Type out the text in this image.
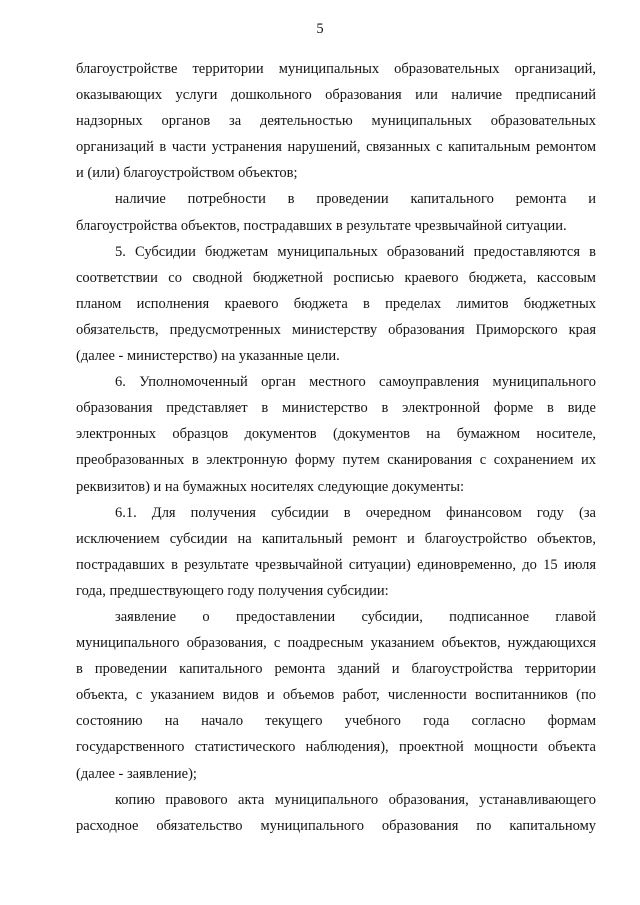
5
благоустройстве территории муниципальных образовательных организаций,
оказывающих услуги дошкольного образования или наличие предписаний
надзорных органов за деятельностью муниципальных образовательных
организаций в части устранения нарушений, связанных с капитальным ремонтом
и (или) благоустройством объектов;
наличие потребности в проведении капитального ремонта и
благоустройства объектов, пострадавших в результате чрезвычайной ситуации.
5. Субсидии бюджетам муниципальных образований предоставляются в
соответствии со сводной бюджетной росписью краевого бюджета, кассовым
планом исполнения краевого бюджета в пределах лимитов бюджетных
обязательств, предусмотренных министерству образования Приморского края
(далее - министерство) на указанные цели.
6. Уполномоченный орган местного самоуправления муниципального
образования представляет в министерство в электронной форме в виде
электронных образцов документов (документов на бумажном носителе,
преобразованных в электронную форму путем сканирования с сохранением их
реквизитов) и на бумажных носителях следующие документы:
6.1. Для получения субсидии в очередном финансовом году (за
исключением субсидии на капитальный ремонт и благоустройство объектов,
пострадавших в результате чрезвычайной ситуации) единовременно, до 15 июля
года, предшествующего году получения субсидии:
заявление о предоставлении субсидии, подписанное главой
муниципального образования, с поадресным указанием объектов, нуждающихся
в проведении капитального ремонта зданий и благоустройства территории
объекта, с указанием видов и объемов работ, численности воспитанников (по
состоянию на начало текущего учебного года согласно формам
государственного статистического наблюдения), проектной мощности объекта
(далее - заявление);
копию правового акта муниципального образования, устанавливающего
расходное обязательство муниципального образования по капитальному
